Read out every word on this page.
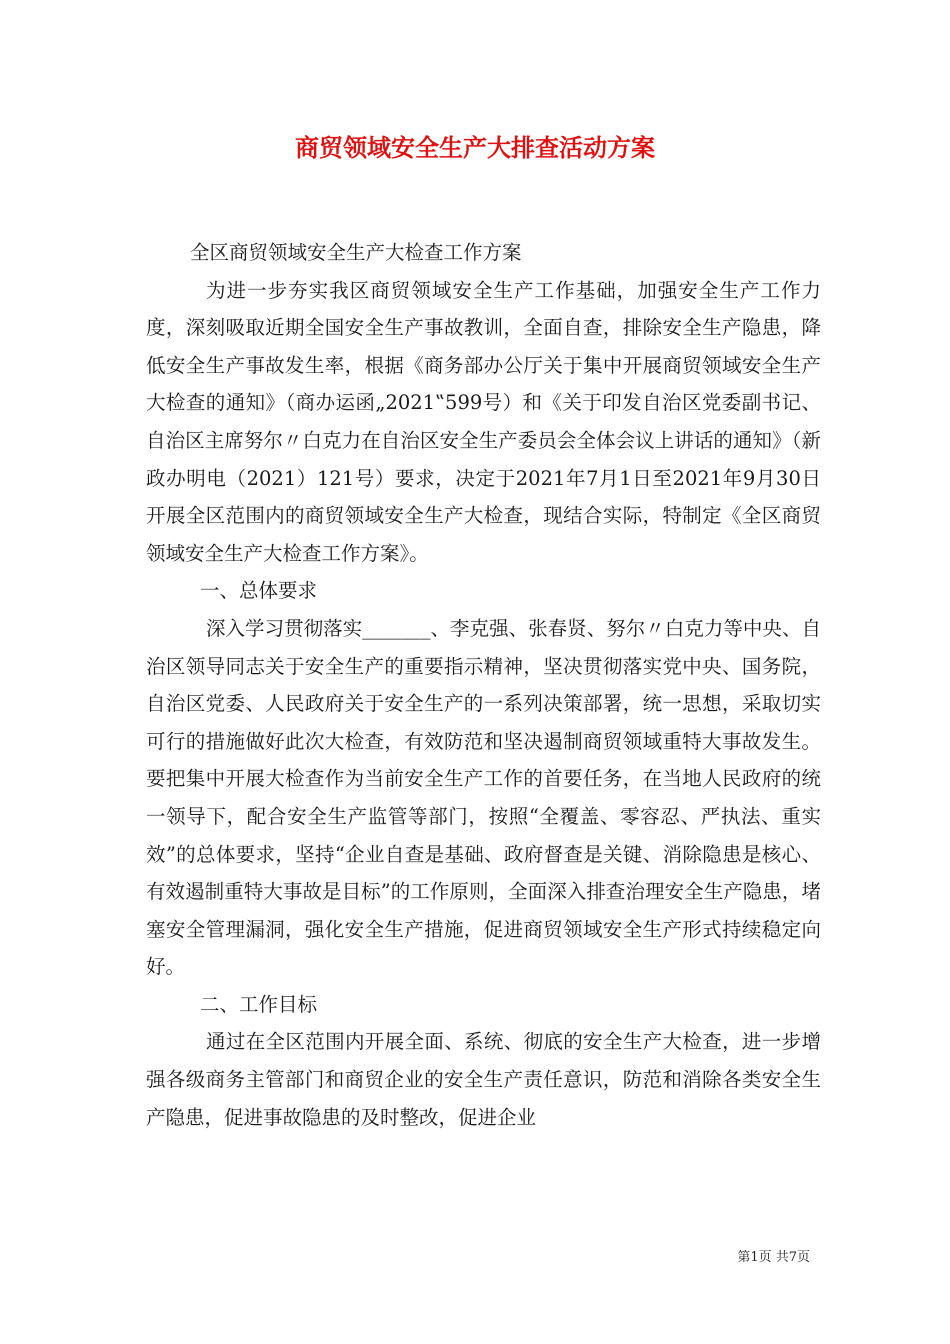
商贸领域安全生产大排查活动方案

全区商贸领域安全生产大检查工作方案

为进一步夯实我区商贸领域安全生产工作基础，加强安全生产工作力度，深刻吸取近期全国安全生产事故教训，全面自查，排除安全生产隐患，降低安全生产事故发生率，根据《商务部办公厅关于集中开展商贸领域安全生产大检查的通知》（商办运函„2021‟599号）和《关于印发自治区党委副书记、自治区主席努尔〃白克力在自治区安全生产委员会全体会议上讲话的通知》（新政办明电（2021）121号）要求，决定于2021年7月1日至2021年9月30日开展全区范围内的商贸领域安全生产大检查，现结合实际，特制定《全区商贸领域安全生产大检查工作方案》。

一、总体要求

深入学习贯彻落实_______、李克强、张春贤、努尔〃白克力等中央、自治区领导同志关于安全生产的重要指示精神，坚决贯彻落实党中央、国务院，自治区党委、人民政府关于安全生产的一系列决策部署，统一思想，采取切实可行的措施做好此次大检查，有效防范和坚决遏制商贸领域重特大事故发生。要把集中开展大检查作为当前安全生产工作的首要任务，在当地人民政府的统一领导下，配合安全生产监管等部门，按照“全覆盖、零容忍、严执法、重实效”的总体要求，坚持“企业自查是基础、政府督查是关键、消除隐患是核心、有效遏制重特大事故是目标”的工作原则，全面深入排查治理安全生产隐患，堵塞安全管理漏洞，强化安全生产措施，促进商贸领域安全生产形式持续稳定向好。

二、工作目标

通过在全区范围内开展全面、系统、彻底的安全生产大检查，进一步增强各级商务主管部门和商贸企业的安全生产责任意识，防范和消除各类安全生产隐患，促进事故隐患的及时整改，促进企业

第1页 共7页
